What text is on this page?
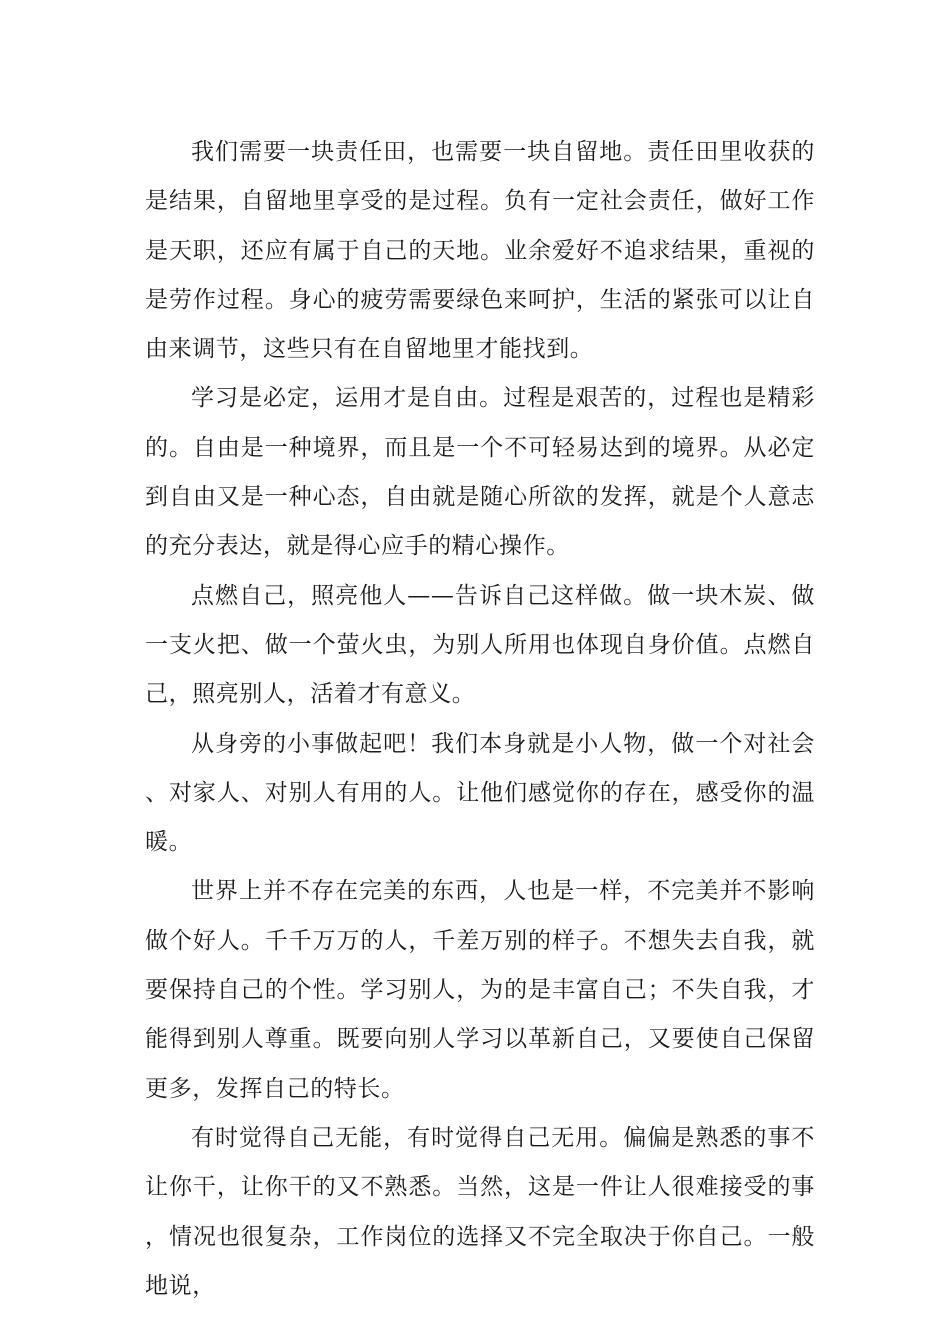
我们需要一块责任田，也需要一块自留地。责任田里收获的是结果，自留地里享受的是过程。负有一定社会责任，做好工作是天职，还应有属于自己的天地。业余爱好不追求结果，重视的是劳作过程。身心的疲劳需要绿色来呵护，生活的紧张可以让自由来调节，这些只有在自留地里才能找到。

学习是必定，运用才是自由。过程是艰苦的，过程也是精彩的。自由是一种境界，而且是一个不可轻易达到的境界。从必定到自由又是一种心态，自由就是随心所欲的发挥，就是个人意志的充分表达，就是得心应手的精心操作。

点燃自己，照亮他人——告诉自己这样做。做一块木炭、做一支火把、做一个萤火虫，为别人所用也体现自身价值。点燃自己，照亮别人，活着才有意义。

从身旁的小事做起吧！我们本身就是小人物，做一个对社会、对家人、对别人有用的人。让他们感觉你的存在，感受你的温暖。

世界上并不存在完美的东西，人也是一样，不完美并不影响做个好人。千千万万的人，千差万别的样子。不想失去自我，就要保持自己的个性。学习别人，为的是丰富自己；不失自我，才能得到别人尊重。既要向别人学习以革新自己，又要使自己保留更多，发挥自己的特长。

有时觉得自己无能，有时觉得自己无用。偏偏是熟悉的事不让你干，让你干的又不熟悉。当然，这是一件让人很难接受的事，情况也很复杂，工作岗位的选择又不完全取决于你自己。一般地说，
